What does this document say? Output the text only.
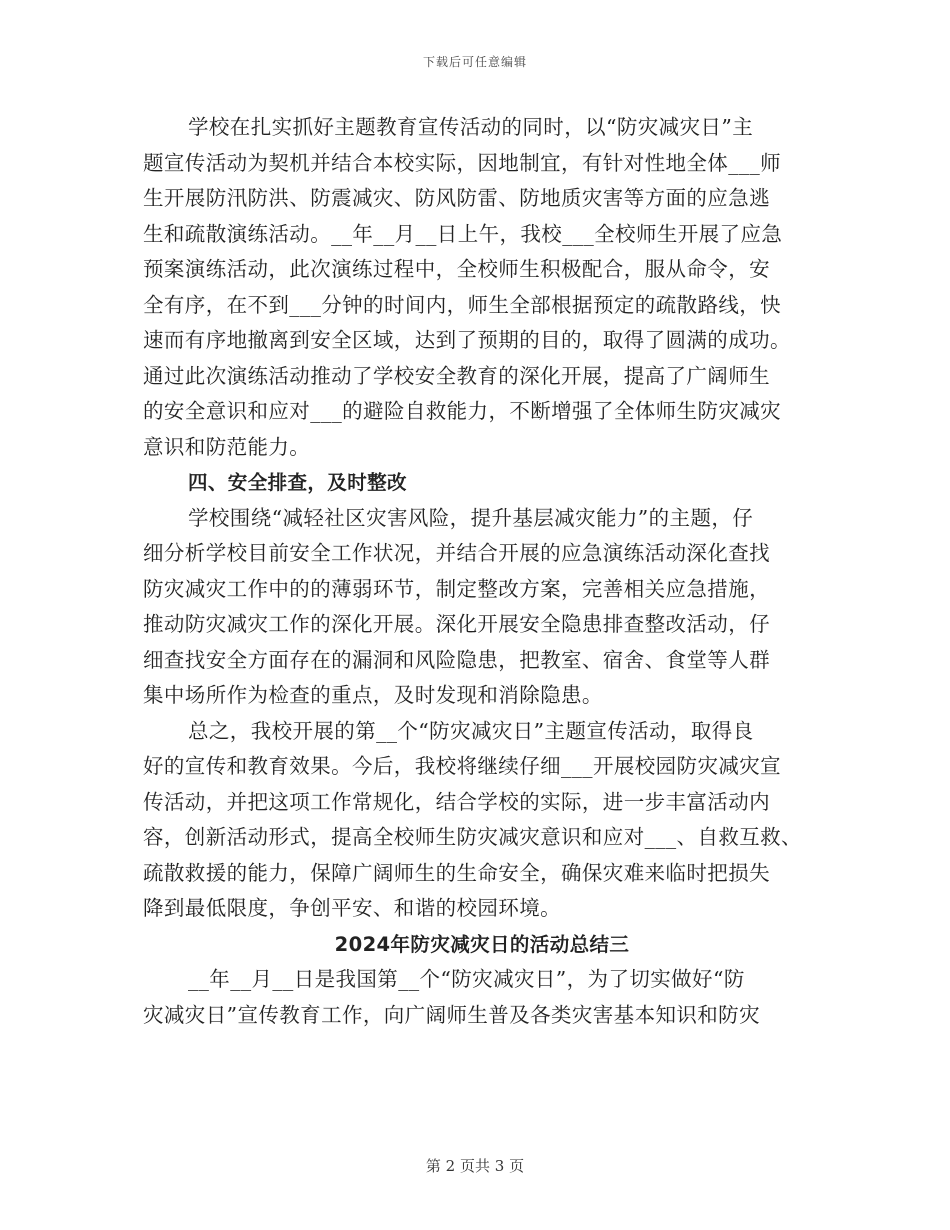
下载后可任意编辑
学校在扎实抓好主题教育宣传活动的同时，以“防灾减灾日”主
题宣传活动为契机并结合本校实际，因地制宜，有针对性地全体___师
生开展防汛防洪、防震减灾、防风防雷、防地质灾害等方面的应急逃
生和疏散演练活动。__年__月__日上午，我校___全校师生开展了应急
预案演练活动，此次演练过程中，全校师生积极配合，服从命令，安
全有序，在不到___分钟的时间内，师生全部根据预定的疏散路线，快
速而有序地撤离到安全区域，达到了预期的目的，取得了圆满的成功。
通过此次演练活动推动了学校安全教育的深化开展，提高了广阔师生
的安全意识和应对___的避险自救能力，不断增强了全体师生防灾减灾
意识和防范能力。
四、安全排查，及时整改
学校围绕“减轻社区灾害风险，提升基层减灾能力”的主题，仔
细分析学校目前安全工作状况，并结合开展的应急演练活动深化查找
防灾减灾工作中的的薄弱环节，制定整改方案，完善相关应急措施，
推动防灾减灾工作的深化开展。深化开展安全隐患排查整改活动，仔
细查找安全方面存在的漏洞和风险隐患，把教室、宿舍、食堂等人群
集中场所作为检查的重点，及时发现和消除隐患。
总之，我校开展的第__个“防灾减灾日”主题宣传活动，取得良
好的宣传和教育效果。今后，我校将继续仔细___开展校园防灾减灾宣
传活动，并把这项工作常规化，结合学校的实际，进一步丰富活动内
容，创新活动形式，提高全校师生防灾减灾意识和应对___、自救互救、
疏散救援的能力，保障广阔师生的生命安全，确保灾难来临时把损失
降到最低限度，争创平安、和谐的校园环境。
2024年防灾减灾日的活动总结三
__年__月__日是我国第__个“防灾减灾日”，为了切实做好“防
灾减灾日”宣传教育工作，向广阔师生普及各类灾害基本知识和防灾
第 2 页共 3 页
